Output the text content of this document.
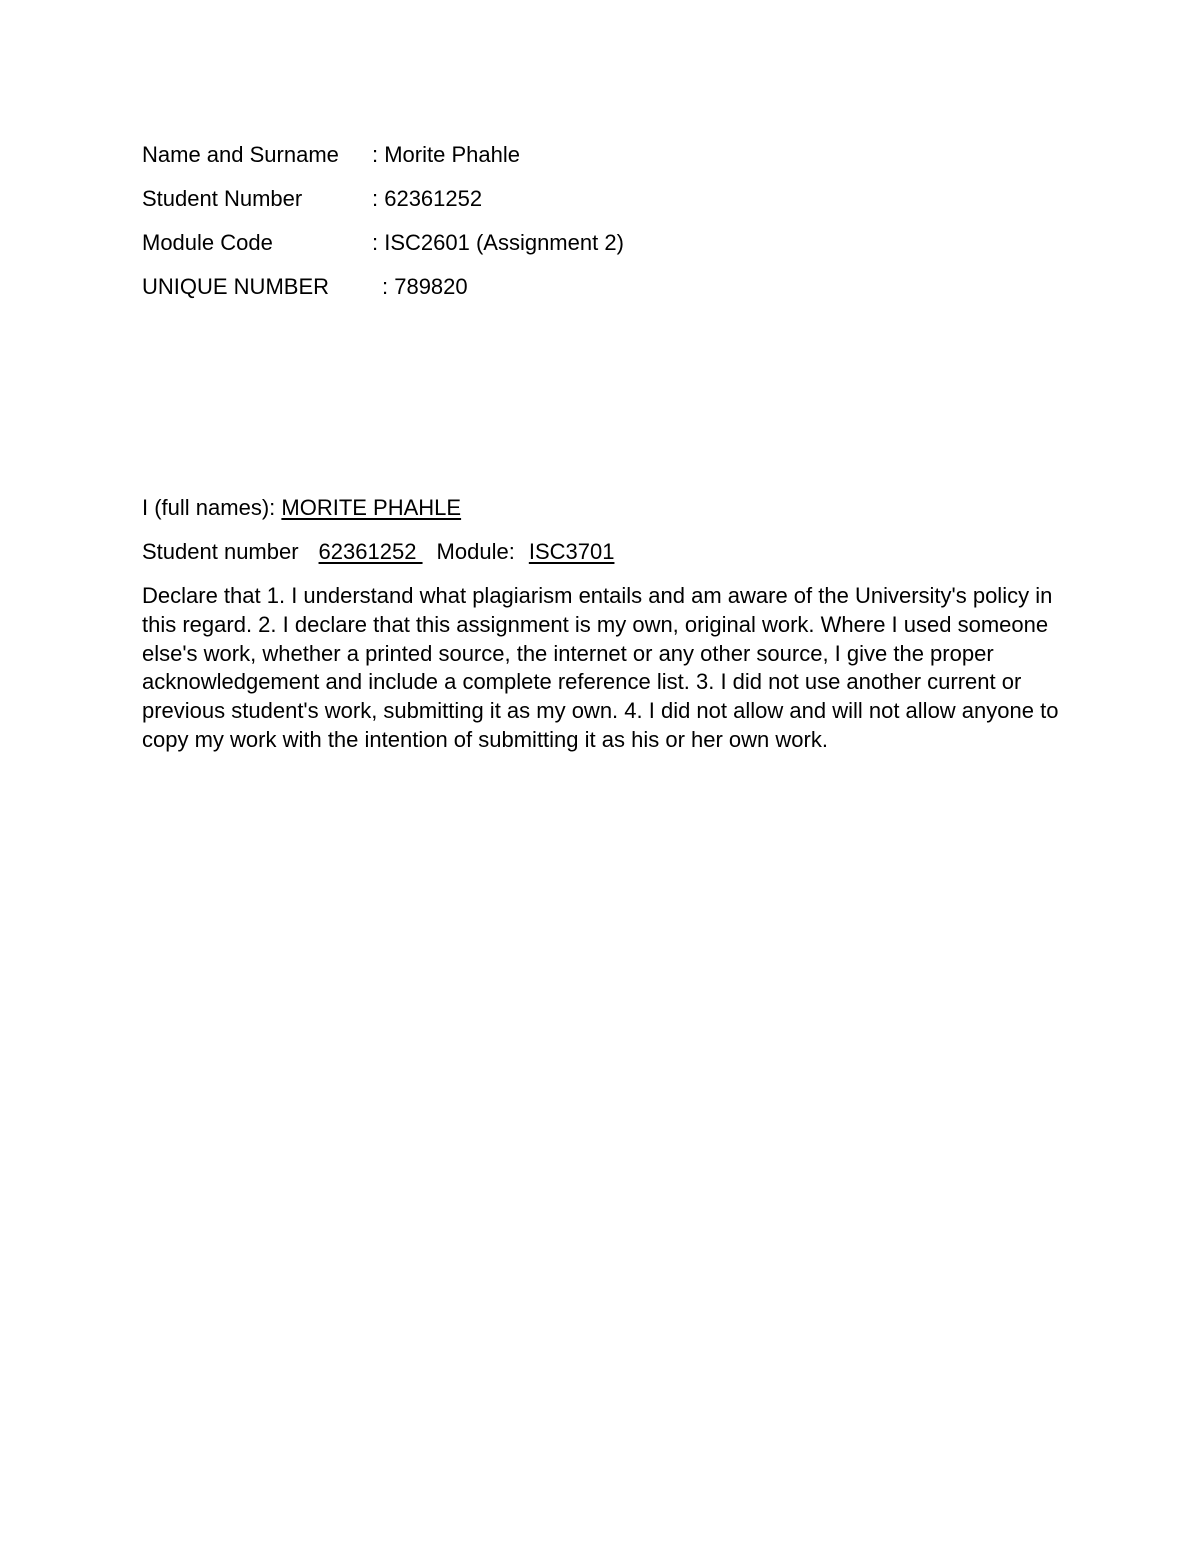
Name and Surname : Morite Phahle
Student Number	: 62361252
Module Code	: ISC2601 (Assignment 2)
UNIQUE NUMBER : 789820
I (full names): MORITE PHAHLE
Student number 62361252 Module: ISC3701

Declare that 1. I understand what plagiarism entails and am aware of the University's policy in this regard. 2. I declare that this assignment is my own, original work. Where I used someone else's work, whether a printed source, the internet or any other source, I give the proper acknowledgement and include a complete reference list. 3. I did not use another current or previous student's work, submitting it as my own. 4. I did not allow and will not allow anyone to copy my work with the intention of submitting it as his or her own work.
